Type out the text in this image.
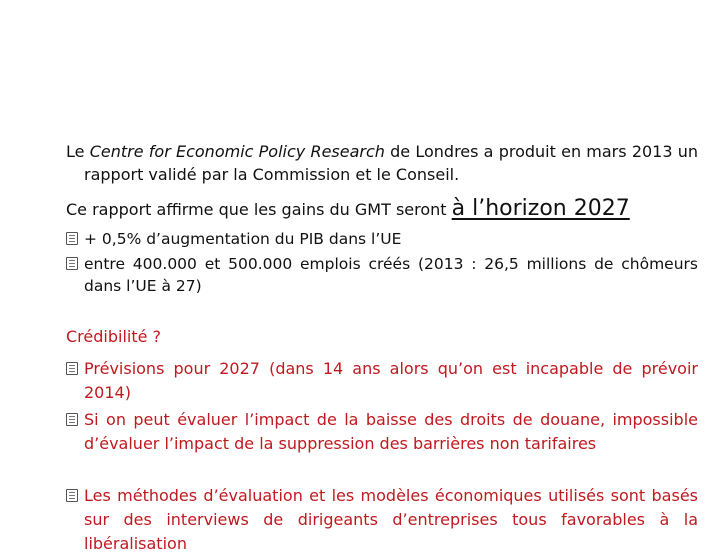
Le Centre for Economic Policy Research de Londres a produit en mars 2013 un rapport validé par la Commission et le Conseil.

Ce rapport affirme que les gains du GMT seront à l’horizon 2027

+ 0,5% d’augmentation du PIB dans l’UE
entre 400.000 et 500.000 emplois créés (2013 : 26,5 millions de chômeurs dans l’UE à 27)
Crédibilité ?
Prévisions pour 2027 (dans 14 ans alors qu’on est incapable de prévoir 2014)
Si on peut évaluer l’impact de la baisse des droits de douane, impossible d’évaluer l’impact de la suppression des barrières non tarifaires
Les méthodes d’évaluation et les modèles économiques utilisés sont basés sur des interviews de dirigeants d’entreprises tous favorables à la libéralisation
